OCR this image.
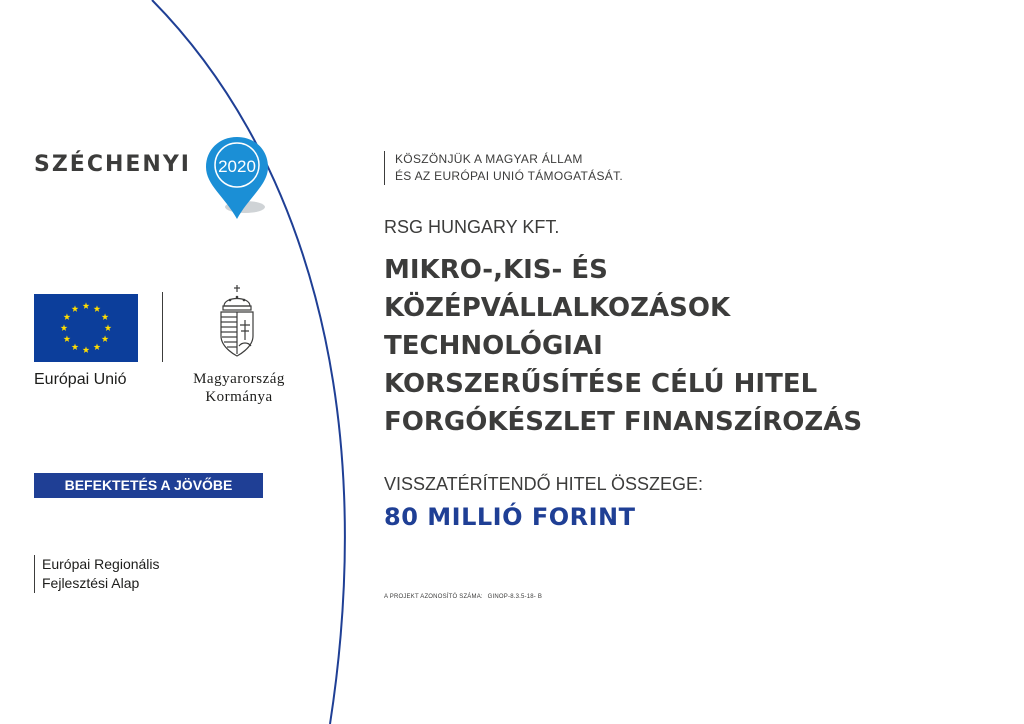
SZÉCHENYI 2020
Európai Unió	Magyarország
Kormánya
BEFEKTETÉS A JÖVŐBE
Európai Regionális
Fejlesztési Alap
KÖSZÖNJÜK A MAGYAR ÁLLAM
ÉS AZ EURÓPAI UNIÓ TÁMOGATÁSÁT.
RSG HUNGARY KFT.
MIKRO-,KIS- ÉS
KÖZÉPVÁLLALKOZÁSOK
TECHNOLÓGIAI
KORSZERŰSÍTÉSE CÉLÚ HITEL
FORGÓKÉSZLET FINANSZÍROZÁS
VISSZATÉRÍTENDŐ HITEL ÖSSZEGE:
80 MILLIÓ FORINT
A PROJEKT AZONOSÍTÓ SZÁMA: GINOP-8.3.5-18- B
